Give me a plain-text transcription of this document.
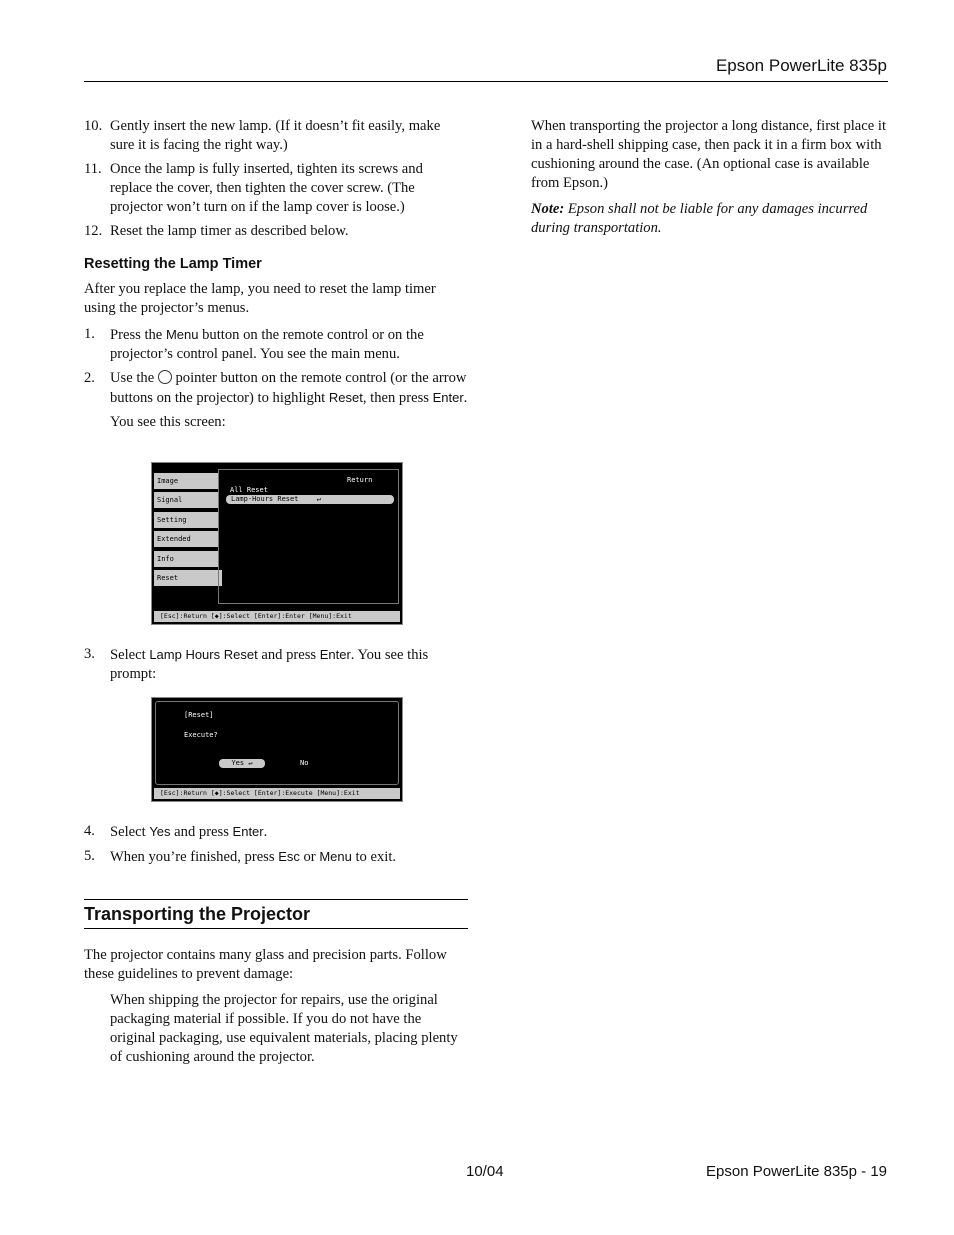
Epson PowerLite 835p
10. Gently insert the new lamp. (If it doesn’t fit easily, make sure it is facing the right way.)
11. Once the lamp is fully inserted, tighten its screws and replace the cover, then tighten the cover screw. (The projector won’t turn on if the lamp cover is loose.)
12. Reset the lamp timer as described below.
Resetting the Lamp Timer

After you replace the lamp, you need to reset the lamp timer using the projector’s menus.

1. Press the Menu button on the remote control or on the projector’s control panel. You see the main menu.
2. Use the  pointer button on the remote control (or the arrow buttons on the projector) to highlight Reset, then press Enter.

You see this screen:

Image
Signal
Setting
Extended
Info
Reset
Return
All Reset
Lamp-Hours Reset	↵
[Esc]:Return [◆]:Select [Enter]:Enter [Menu]:Exit
3. Select Lamp Hours Reset and press Enter. You see this prompt:
[Reset]
Execute?
Yes ↵	No
[Esc]:Return [◆]:Select [Enter]:Execute [Menu]:Exit
4. Select Yes and press Enter.
5. When you’re finished, press Esc or Menu to exit.
Transporting the Projector

The projector contains many glass and precision parts. Follow these guidelines to prevent damage:

When shipping the projector for repairs, use the original packaging material if possible. If you do not have the original packaging, use equivalent materials, placing plenty of cushioning around the projector.

When transporting the projector a long distance, first place it in a hard-shell shipping case, then pack it in a firm box with cushioning around the case. (An optional case is available from Epson.)

Note: Epson shall not be liable for any damages incurred during transportation.

10/04	Epson PowerLite 835p - 19
